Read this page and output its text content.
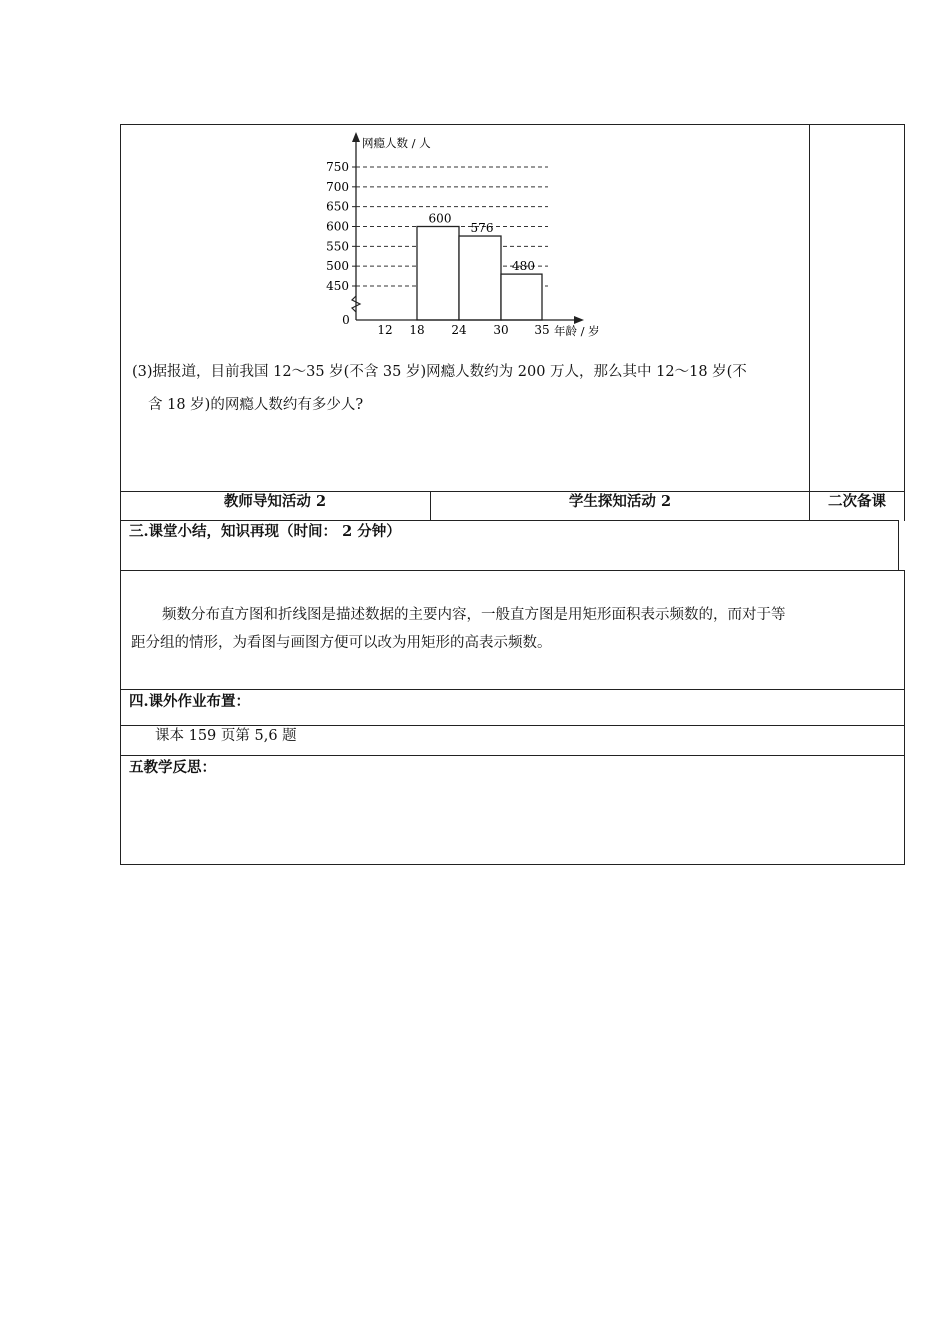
网瘾人数 / 人
年龄 / 岁
0
450
500
550
600
650
700
750
12 18 24 30 35
600
576
480
(3)据报道，目前我国 12～35 岁(不含 35 岁)网瘾人数约为 200 万人，那么其中 12～18 岁(不
含 18 岁)的网瘾人数约有多少人?
教师导知活动 2	学生探知活动 2	二次备课
三.课堂小结，知识再现（时间： 2 分钟）
频数分布直方图和折线图是描述数据的主要内容，一般直方图是用矩形面积表示频数的，而对于等
距分组的情形，为看图与画图方便可以改为用矩形的高表示频数。
四.课外作业布置：
课本 159 页第 5,6 题
五教学反思：
